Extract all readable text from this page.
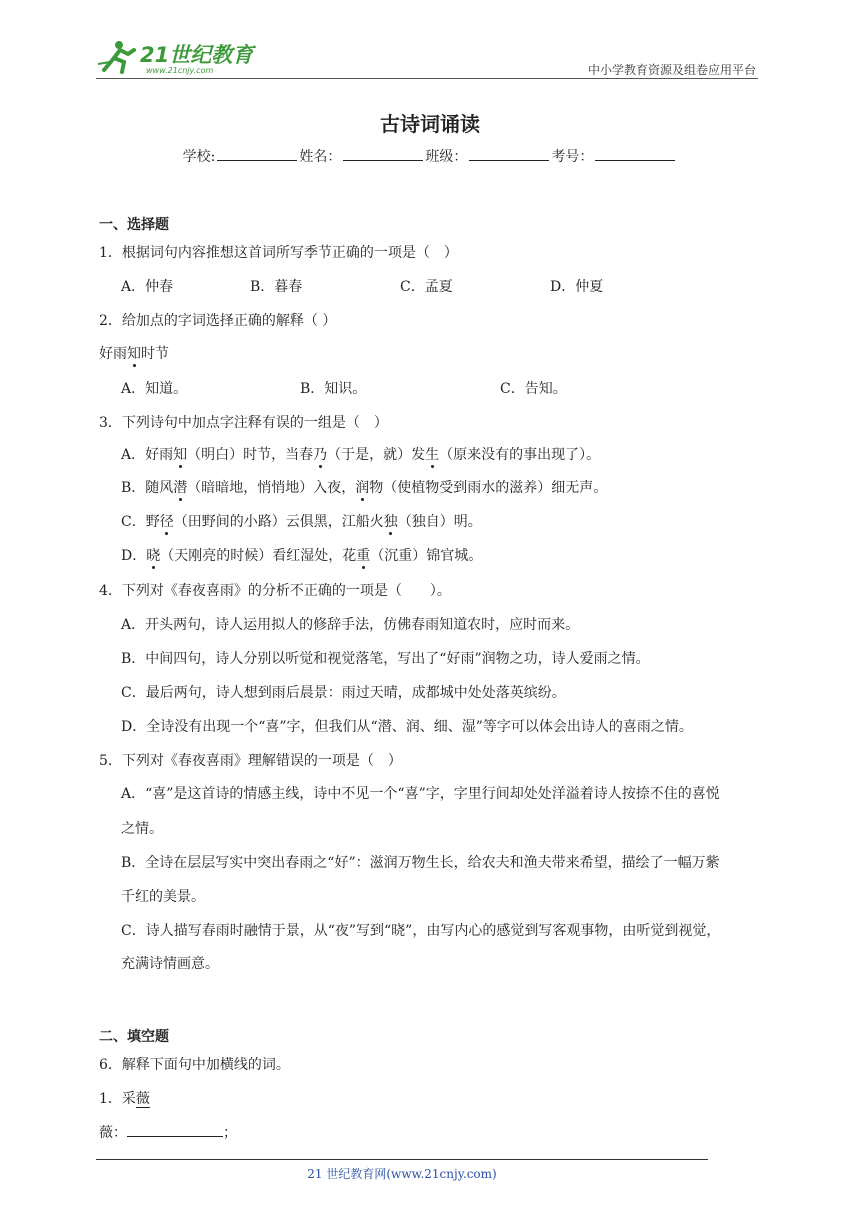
21世纪教育
www.21cnjy.com	中小学教育资源及组卷应用平台
古诗词诵读
学校:	姓名：	班级：	考号：
一、选择题
1．根据词句内容推想这首词所写季节正确的一项是（　）
A．仲春	B．暮春	C．孟夏	D．仲夏
2．给加点的字词选择正确的解释（ ）
好雨知时节
A．知道。	B．知识。	C．告知。
3．下列诗句中加点字注释有误的一组是（　）
A．好雨知（明白）时节，当春乃（于是，就）发生（原来没有的事出现了）。
B．随风潜（暗暗地，悄悄地）入夜，润物（使植物受到雨水的滋养）细无声。
C．野径（田野间的小路）云俱黑，江船火独（独自）明。
D．晓（天刚亮的时候）看红湿处，花重（沉重）锦官城。
4．下列对《春夜喜雨》的分析不正确的一项是（　　）。
A．开头两句，诗人运用拟人的修辞手法，仿佛春雨知道农时，应时而来。
B．中间四句，诗人分别以听觉和视觉落笔，写出了“好雨”润物之功，诗人爱雨之情。
C．最后两句，诗人想到雨后晨景：雨过天晴，成都城中处处落英缤纷。
D．全诗没有出现一个“喜”字，但我们从“潜、润、细、湿”等字可以体会出诗人的喜雨之情。
5．下列对《春夜喜雨》理解错误的一项是（　）
A．“喜”是这首诗的情感主线，诗中不见一个“喜”字，字里行间却处处洋溢着诗人按捺不住的喜悦
之情。
B．全诗在层层写实中突出春雨之“好”：滋润万物生长，给农夫和渔夫带来希望，描绘了一幅万紫
千红的美景。
C．诗人描写春雨时融情于景，从“夜”写到“晓”，由写内心的感觉到写客观事物，由听觉到视觉，
充满诗情画意。
二、填空题
6．解释下面句中加横线的词。
1．采薇
薇：	；
21 世纪教育网(www.21cnjy.com)
